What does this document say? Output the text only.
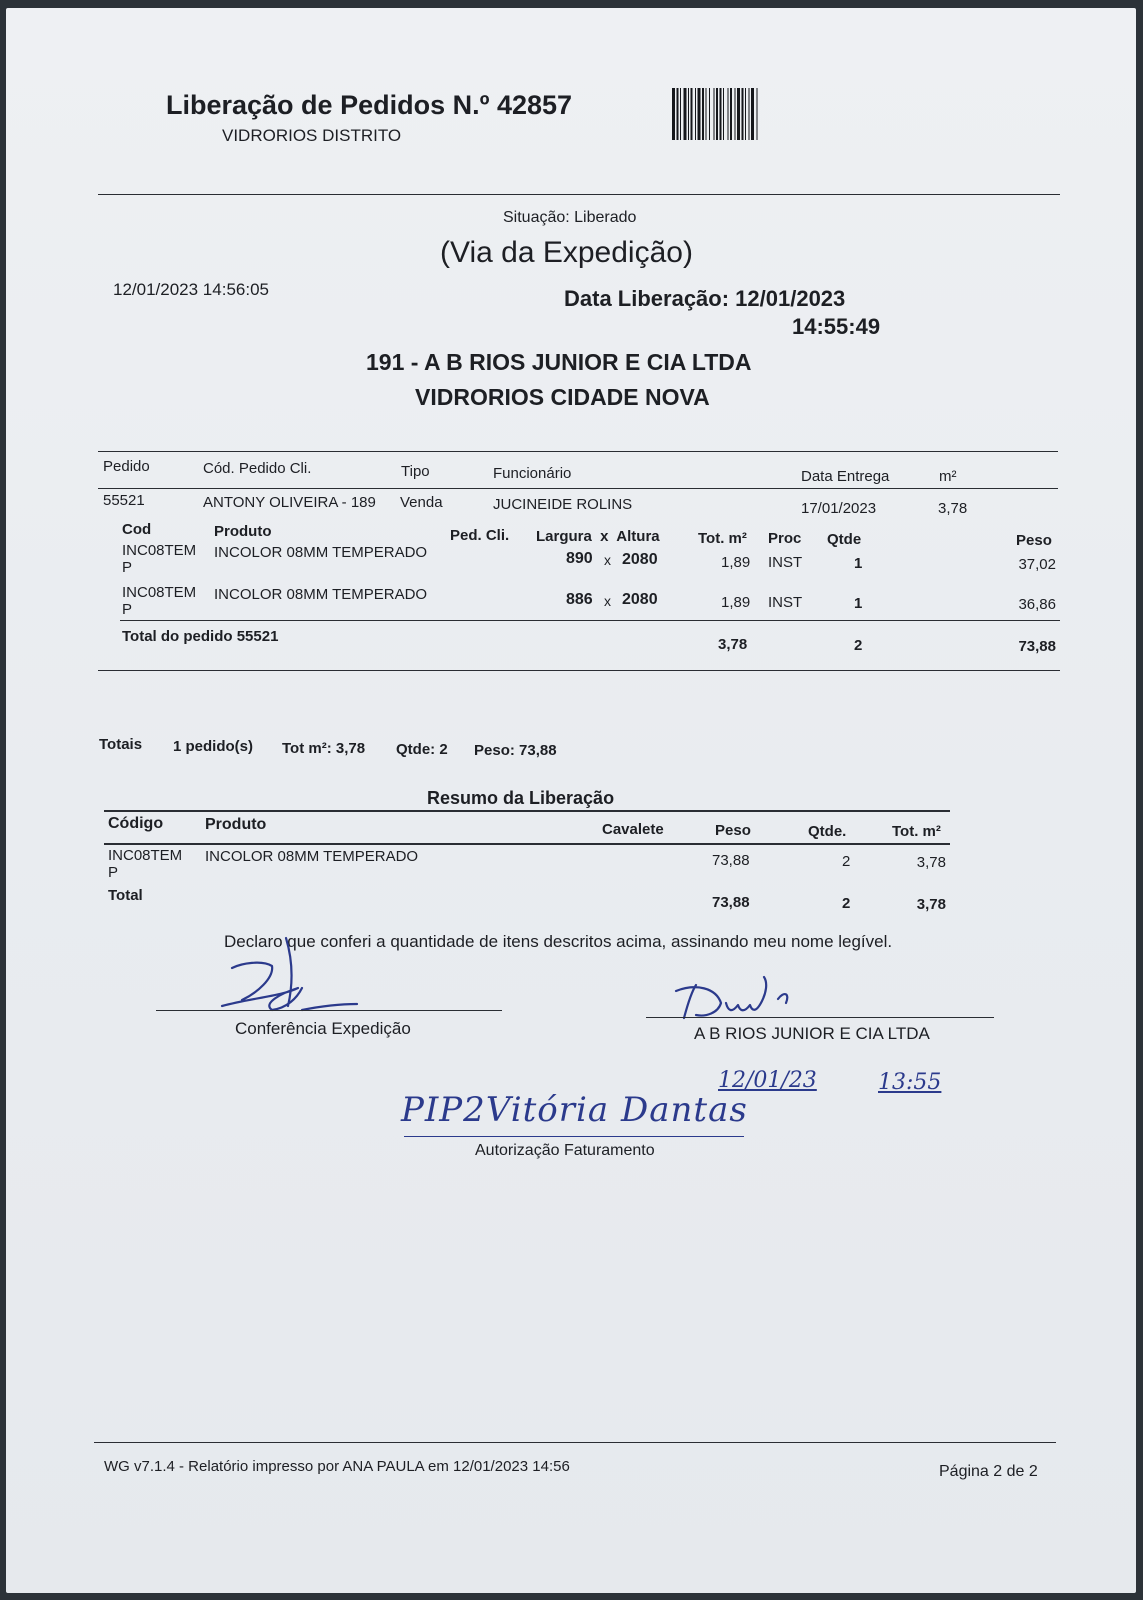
Liberação de Pedidos N.º 42857
VIDRORIOS DISTRITO
Situação: Liberado
(Via da Expedição)
12/01/2023 14:56:05	Data Liberação: 12/01/2023
14:55:49
191 - A B RIOS JUNIOR E CIA LTDA
VIDRORIOS CIDADE NOVA
Pedido	Cód. Pedido Cli.	Tipo	Funcionário	Data Entrega	m²
55521	ANTONY OLIVEIRA - 189 Venda	JUCINEIDE ROLINS	17/01/2023	3,78
Cod	Produto	Ped. Cli. Largura  x  Altura	Tot. m² Proc Qtde	Peso
INC08TEM
P
INCOLOR 08MM TEMPERADO	890 x 2080	1,89 INST	1	37,02
INC08TEM
P
INCOLOR 08MM TEMPERADO	886 x 2080	1,89 INST	1	36,86
Total do pedido 55521	3,78	2	73,88
Totais 1 pedido(s) Tot m²: 3,78 Qtde: 2 Peso: 73,88
Resumo da Liberação
Código	Produto	Cavalete	Peso	Qtde.	Tot. m²
INC08TEM
P
INCOLOR 08MM TEMPERADO	73,88	2	3,78
Total	73,88	2	3,78
Declaro que conferi a quantidade de itens descritos acima, assinando meu nome legível.
Conferência Expedição	A B RIOS JUNIOR E CIA LTDA
12/01/23	13:55
PIP2Vitória Dantas
Autorização Faturamento
WG v7.1.4 - Relatório impresso por ANA PAULA em 12/01/2023 14:56	Página 2 de 2
